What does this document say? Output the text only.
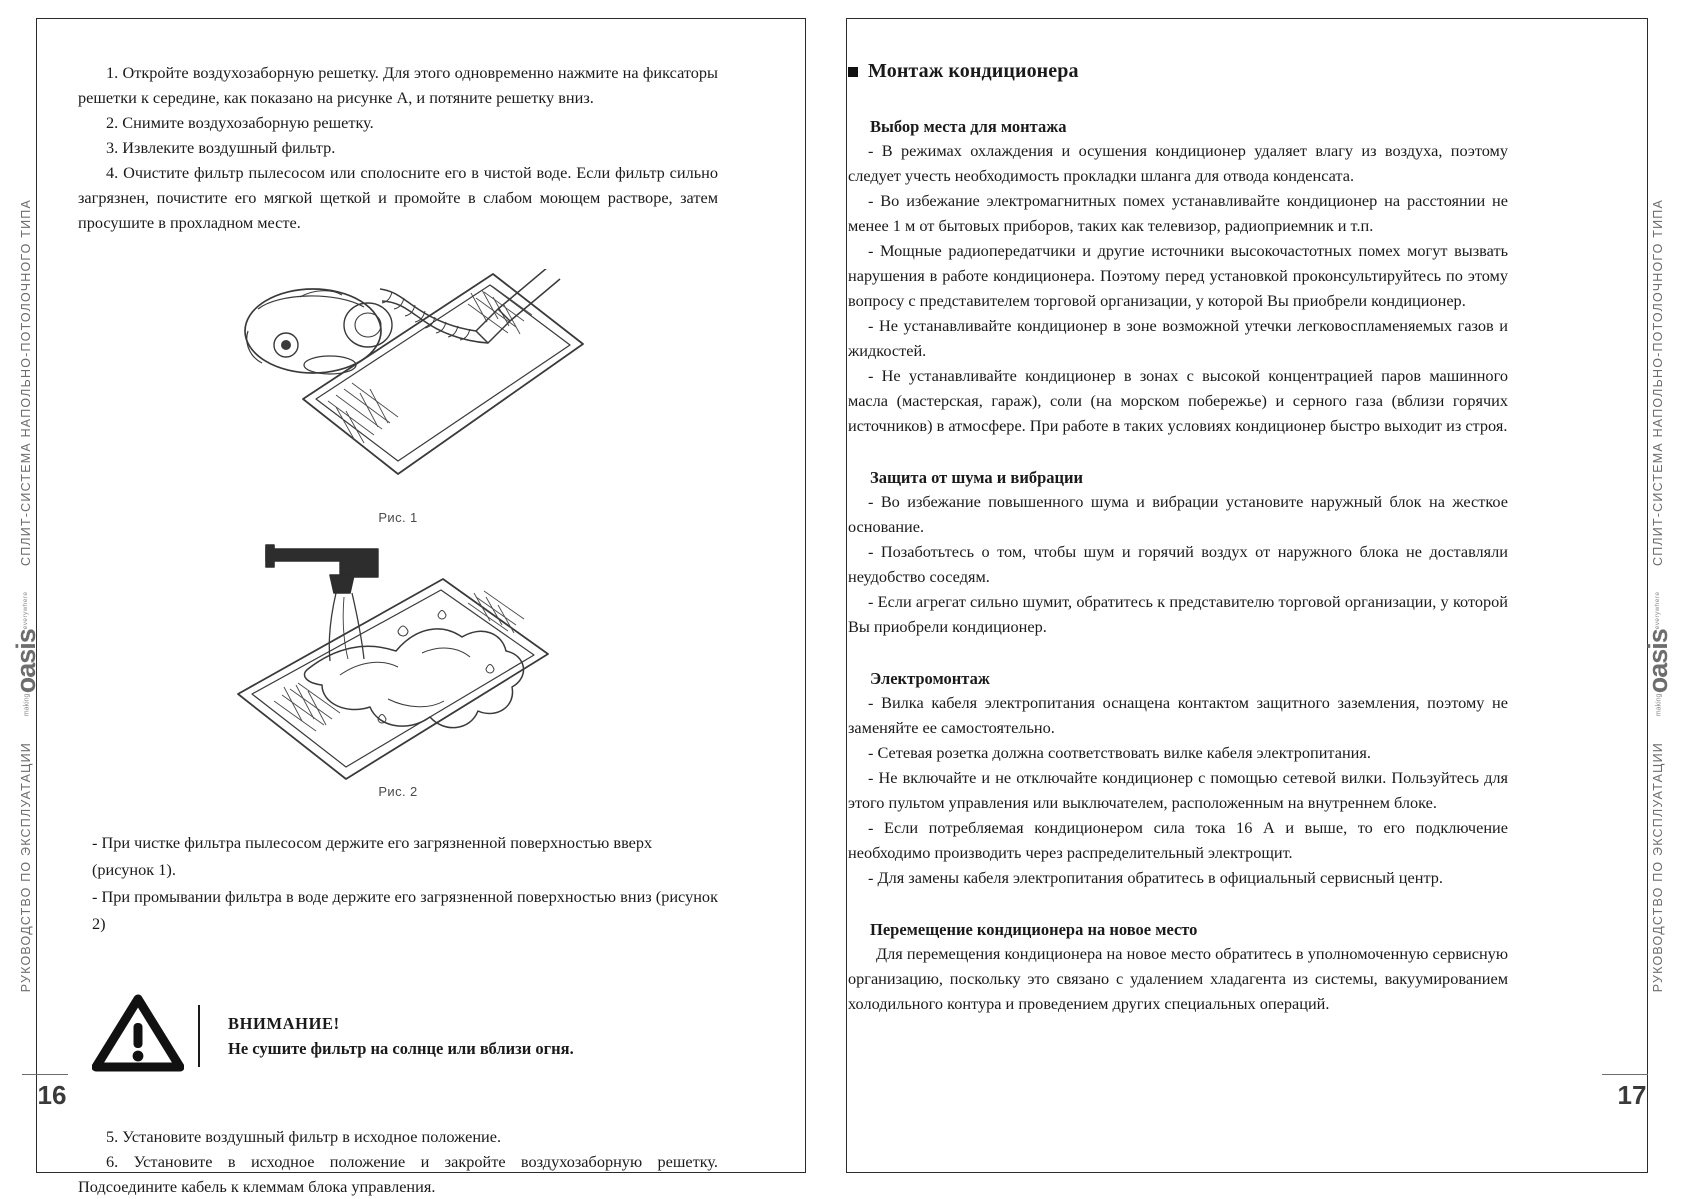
СПЛИТ-СИСТЕМА НАПОЛЬНО-ПОТОЛОЧНОГО ТИПА
making
oasis
everywhere
РУКОВОДСТВО ПО ЭКСПЛУАТАЦИИ
16

1. Откройте воздухозаборную решетку. Для этого одновременно нажмите на фиксаторы решетки к середине, как показано на рисунке А, и потяните решетку вниз.

2. Снимите воздухозаборную решетку.

3. Извлеките воздушный фильтр.

4. Очистите фильтр пылесосом или сполосните его в чистой воде. Если фильтр сильно загрязнен, почистите его мягкой щеткой и промойте в слабом моющем растворе, затем просушите в прохладном месте.

Рис. 1
Рис. 2

- При чистке фильтра пылесосом держите его загрязненной поверхностью вверх (рисунок 1).

- При промывании фильтра в воде держите его загрязненной поверхностью вниз (рисунок 2)

ВНИМАНИЕ!
Не сушите фильтр на солнце или вблизи огня.

5. Установите воздушный фильтр в исходное положение.

6. Установите в исходное положение и закройте воздухозаборную решетку. Подсоедините кабель к клеммам блока управления.

СПЛИТ-СИСТЕМА НАПОЛЬНО-ПОТОЛОЧНОГО ТИПА
making
oasis
everywhere
РУКОВОДСТВО ПО ЭКСПЛУАТАЦИИ
17
Монтаж кондиционера
Выбор места для монтажа

- В режимах охлаждения и осушения кондиционер удаляет влагу из воздуха, поэтому следует учесть необходимость прокладки шланга для отвода конденсата.

- Во избежание электромагнитных помех устанавливайте кондиционер на расстоянии не менее 1 м от бытовых приборов, таких как телевизор, радиоприемник и т.п.

- Мощные радиопередатчики и другие источники высокочастотных помех могут вызвать нарушения в работе кондиционера. Поэтому перед установкой проконсультируйтесь по этому вопросу с представителем торговой организации, у которой Вы приобрели кондиционер.

- Не устанавливайте кондиционер в зоне возможной утечки легковоспламеняемых газов и жидкостей.

- Не устанавливайте кондиционер в зонах с высокой концентрацией паров машинного масла (мастерская, гараж), соли (на морском побережье) и серного газа (вблизи горячих источников) в атмосфере. При работе в таких условиях кондиционер быстро выходит из строя.

Защита от шума и вибрации

- Во избежание повышенного шума и вибрации установите наружный блок на жесткое основание.

- Позаботьтесь о том, чтобы шум и горячий воздух от наружного блока не доставляли неудобство соседям.

- Если агрегат сильно шумит, обратитесь к представителю торговой организации, у которой Вы приобрели кондиционер.

Электромонтаж

- Вилка кабеля электропитания оснащена контактом защитного заземления, поэтому не заменяйте ее самостоятельно.

- Сетевая розетка должна соответствовать вилке кабеля электропитания.

- Не включайте и не отключайте кондиционер с помощью сетевой вилки. Пользуйтесь для этого пультом управления или выключателем, расположенным на внутреннем блоке.

- Если потребляемая кондиционером сила тока 16 А и выше, то его подключение необходимо производить через распределительный электрощит.

- Для замены кабеля электропитания обратитесь в официальный сервисный центр.

Перемещение кондиционера на новое место

Для перемещения кондиционера на новое место обратитесь в уполномоченную сервисную организацию, поскольку это связано с удалением хладагента из системы, вакуумированием холодильного контура и проведением других специальных операций.
